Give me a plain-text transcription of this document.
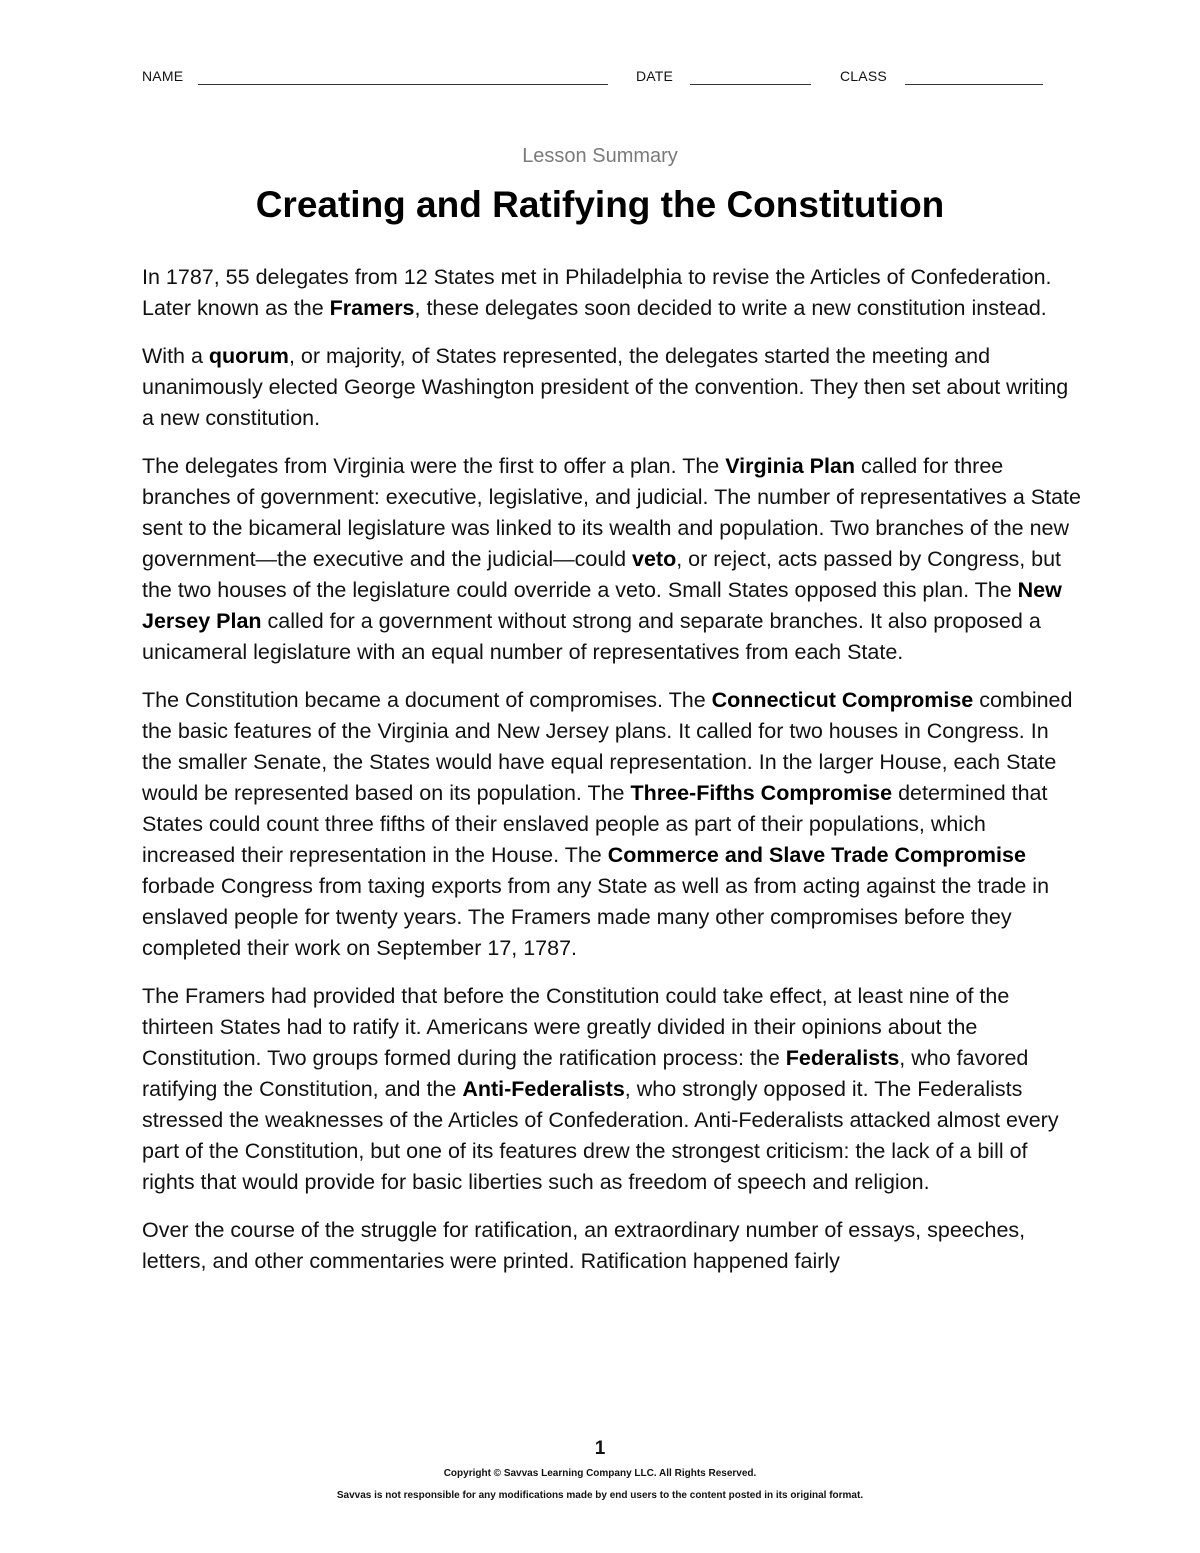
NAME	DATE	CLASS
Lesson Summary
Creating and Ratifying the Constitution

In 1787, 55 delegates from 12 States met in Philadelphia to revise the Articles of Confederation. Later known as the Framers, these delegates soon decided to write a new constitution instead.

With a quorum, or majority, of States represented, the delegates started the meeting and unanimously elected George Washington president of the convention. They then set about writing a new constitution.

The delegates from Virginia were the first to offer a plan. The Virginia Plan called for three branches of government: executive, legislative, and judicial. The number of representatives a State sent to the bicameral legislature was linked to its wealth and population. Two branches of the new government—the executive and the judicial—could veto, or reject, acts passed by Congress, but the two houses of the legislature could override a veto. Small States opposed this plan. The New Jersey Plan called for a government without strong and separate branches. It also proposed a unicameral legislature with an equal number of representatives from each State.

The Constitution became a document of compromises. The Connecticut Compromise combined the basic features of the Virginia and New Jersey plans. It called for two houses in Congress. In the smaller Senate, the States would have equal representation. In the larger House, each State would be represented based on its population. The Three-Fifths Compromise determined that States could count three fifths of their enslaved people as part of their populations, which increased their representation in the House. The Commerce and Slave Trade Compromise forbade Congress from taxing exports from any State as well as from acting against the trade in enslaved people for twenty years. The Framers made many other compromises before they completed their work on September 17, 1787.

The Framers had provided that before the Constitution could take effect, at least nine of the thirteen States had to ratify it. Americans were greatly divided in their opinions about the Constitution. Two groups formed during the ratification process: the Federalists, who favored ratifying the Constitution, and the Anti-Federalists, who strongly opposed it. The Federalists stressed the weaknesses of the Articles of Confederation. Anti-Federalists attacked almost every part of the Constitution, but one of its features drew the strongest criticism: the lack of a bill of rights that would provide for basic liberties such as freedom of speech and religion.

Over the course of the struggle for ratification, an extraordinary number of essays, speeches, letters, and other commentaries were printed. Ratification happened fairly

1
Copyright © Savvas Learning Company LLC. All Rights Reserved.
Savvas is not responsible for any modifications made by end users to the content posted in its original format.
